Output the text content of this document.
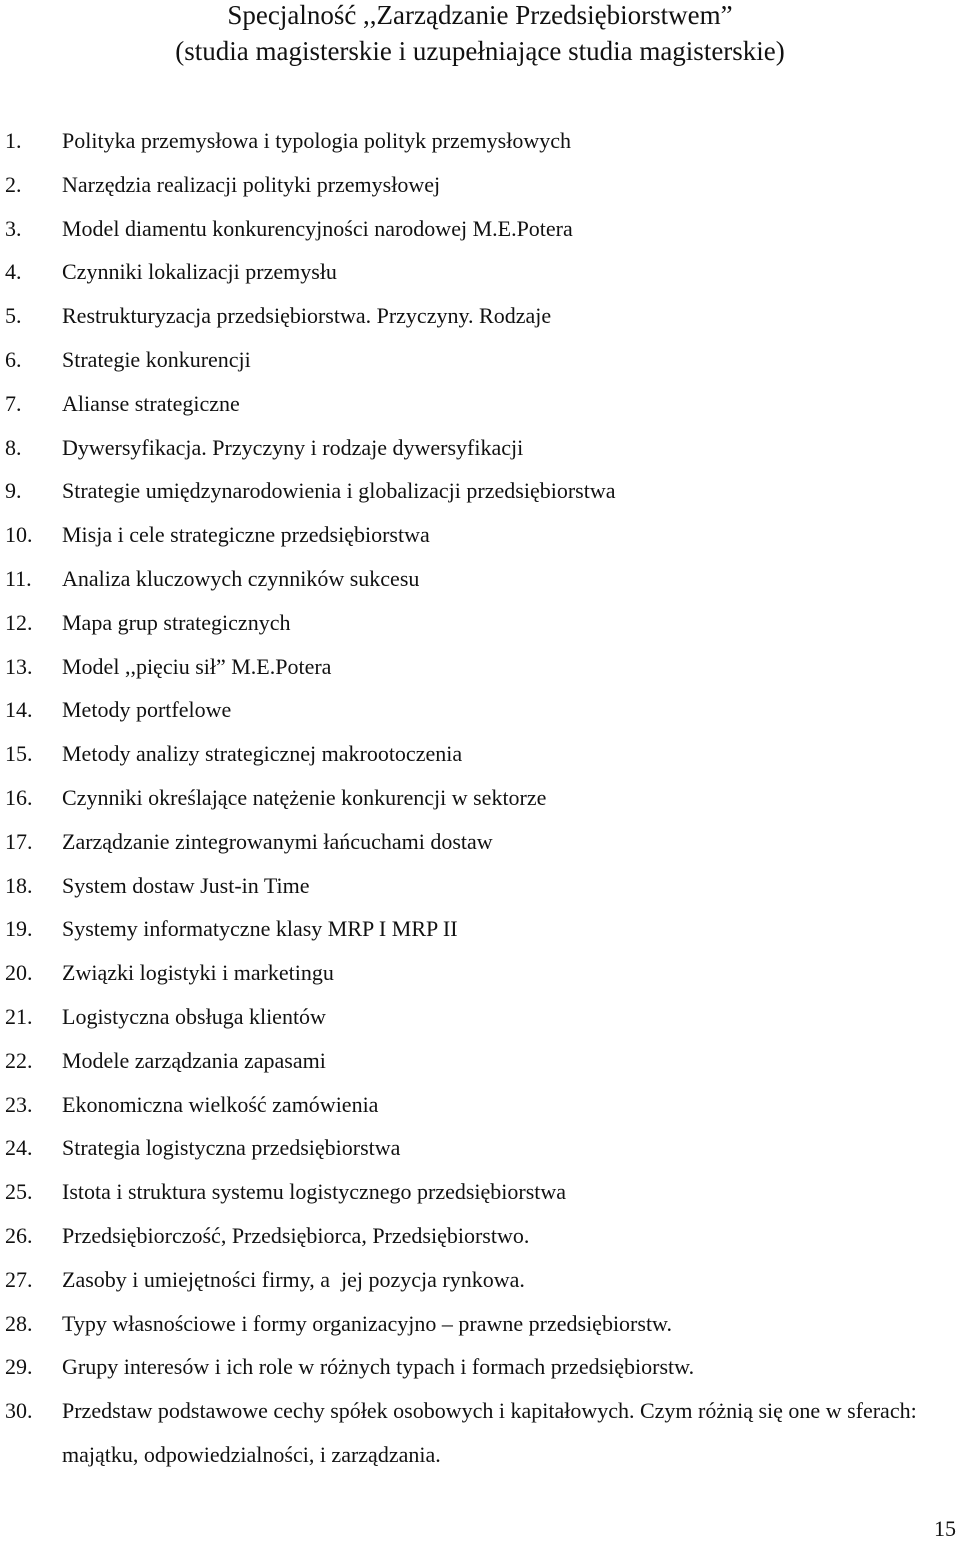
Specjalność ,,Zarządzanie Przedsiębiorstwem”
(studia magisterskie i uzupełniające studia magisterskie)
1. Polityka przemysłowa i typologia polityk przemysłowych
2. Narzędzia realizacji polityki przemysłowej
3. Model diamentu konkurencyjności narodowej M.E.Potera
4. Czynniki lokalizacji przemysłu
5. Restrukturyzacja przedsiębiorstwa. Przyczyny. Rodzaje
6. Strategie konkurencji
7. Alianse strategiczne
8. Dywersyfikacja. Przyczyny i rodzaje dywersyfikacji
9. Strategie umiędzynarodowienia i globalizacji przedsiębiorstwa
10. Misja i cele strategiczne przedsiębiorstwa
11. Analiza kluczowych czynników sukcesu
12. Mapa grup strategicznych
13. Model ,,pięciu sił” M.E.Potera
14. Metody portfelowe
15. Metody analizy strategicznej makrootoczenia
16. Czynniki określające natężenie konkurencji w sektorze
17. Zarządzanie zintegrowanymi łańcuchami dostaw
18. System dostaw Just-in Time
19. Systemy informatyczne klasy MRP I MRP II
20. Związki logistyki i marketingu
21. Logistyczna obsługa klientów
22. Modele zarządzania zapasami
23. Ekonomiczna wielkość zamówienia
24. Strategia logistyczna przedsiębiorstwa
25. Istota i struktura systemu logistycznego przedsiębiorstwa
26. Przedsiębiorczość, Przedsiębiorca, Przedsiębiorstwo.
27. Zasoby i umiejętności firmy, a  jej pozycja rynkowa.
28. Typy własnościowe i formy organizacyjno – prawne przedsiębiorstw.
29. Grupy interesów i ich role w różnych typach i formach przedsiębiorstw.
30. Przedstaw podstawowe cechy spółek osobowych i kapitałowych. Czym różnią się one w sferach: majątku, odpowiedzialności, i zarządzania.
15
